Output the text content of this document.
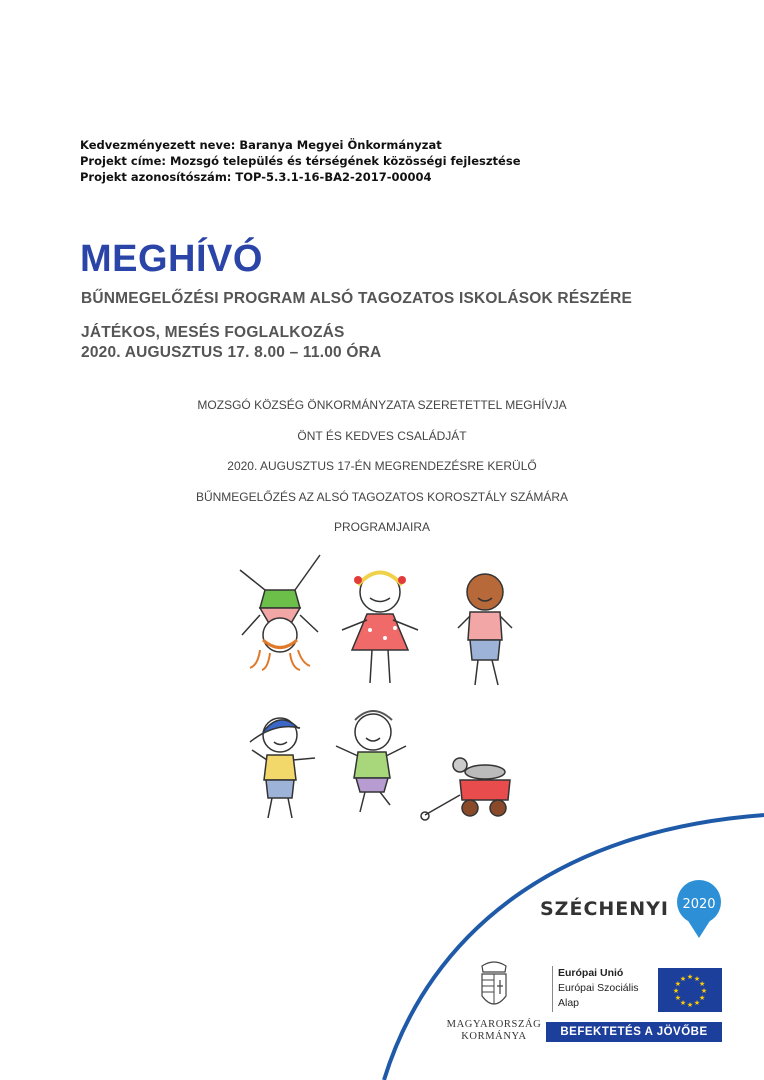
Kedvezményezett neve: Baranya Megyei Önkormányzat
Projekt címe: Mozsgó település és térségének közösségi fejlesztése
Projekt azonosítószám: TOP-5.3.1-16-BA2-2017-00004
MEGHÍVÓ
BŰNMEGELŐZÉSI PROGRAM ALSÓ TAGOZATOS ISKOLÁSOK RÉSZÉRE
JÁTÉKOS, MESÉS FOGLALKOZÁS
2020. AUGUSZTUS 17. 8.00 – 11.00 ÓRA
MOZSGÓ KÖZSÉG ÖNKORMÁNYZATA SZERETETTEL MEGHÍVJA
ÖNT ÉS KEDVES CSALÁDJÁT
2020. AUGUSZTUS 17-ÉN MEGRENDEZÉSRE KERÜLŐ
BŰNMEGELŐZÉS AZ ALSÓ TAGOZATOS KOROSZTÁLY SZÁMÁRA
PROGRAMJAIRA
SZÉCHENYI 2020
MAGYARORSZÁG
KORMÁNYA
Európai Unió
Európai Szociális
Alap
★ ★
★
★
★
★
★
★
★
★
★
★
BEFEKTETÉS A JÖVŐBE
